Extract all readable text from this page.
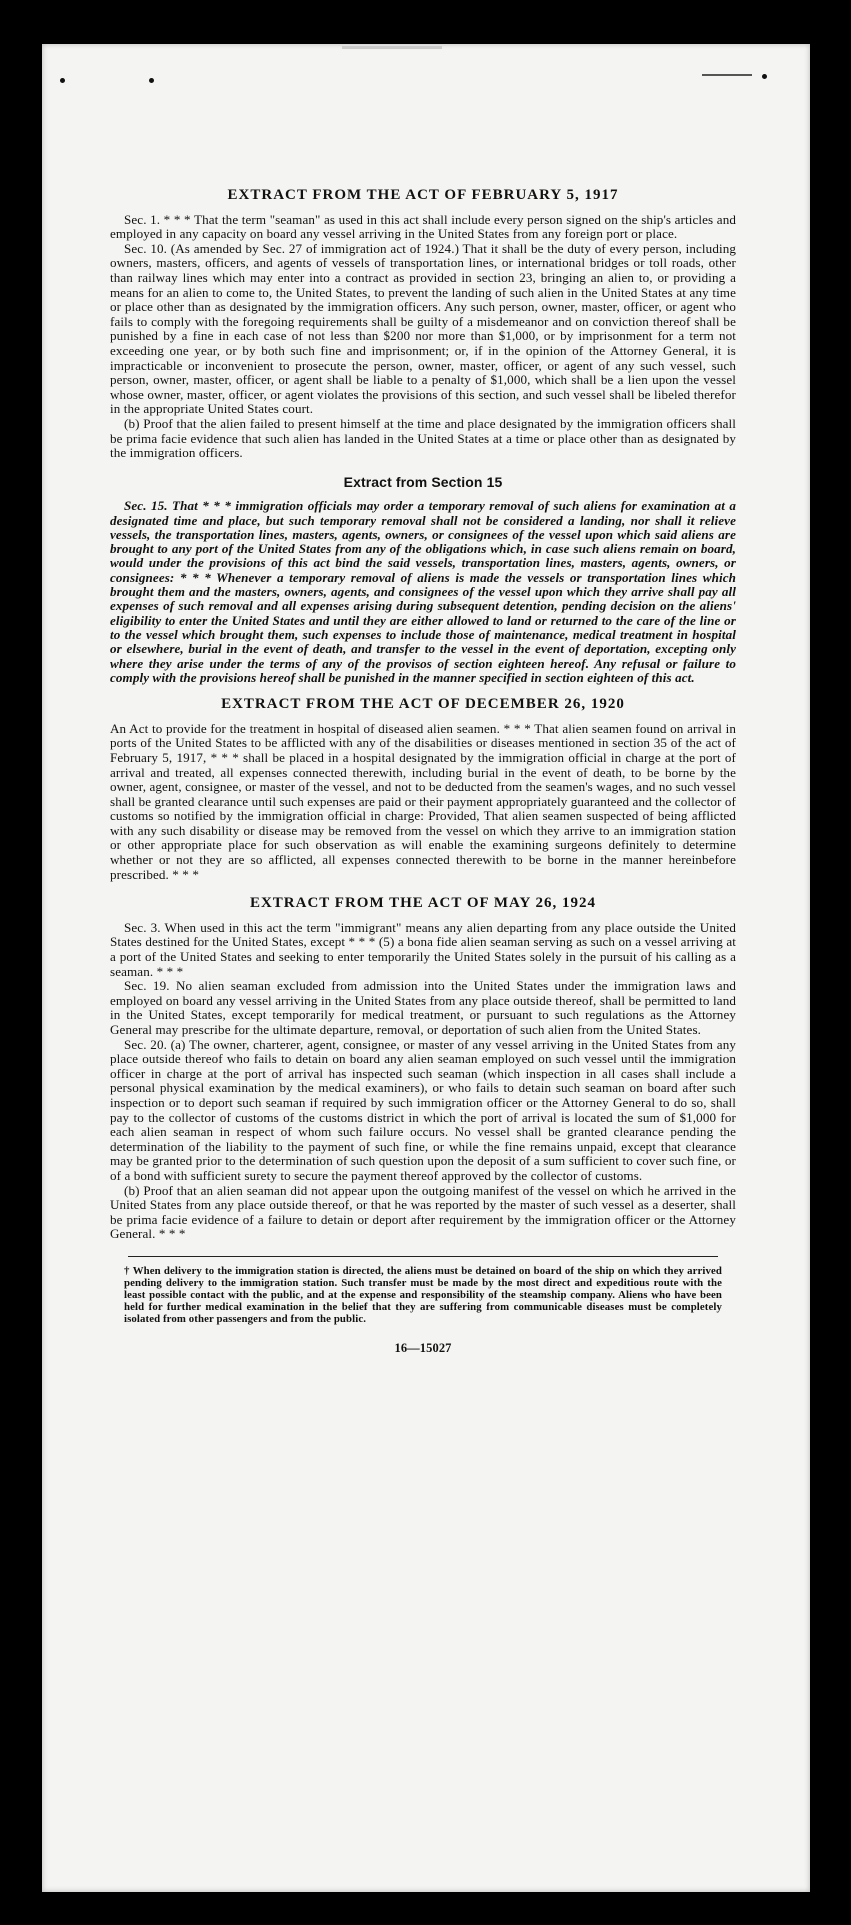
EXTRACT FROM THE ACT OF FEBRUARY 5, 1917

Sec. 1. * * * That the term "seaman" as used in this act shall include every person signed on the ship's articles and employed in any capacity on board any vessel arriving in the United States from any foreign port or place.

Sec. 10. (As amended by Sec. 27 of immigration act of 1924.) That it shall be the duty of every person, including owners, masters, officers, and agents of vessels of transportation lines, or international bridges or toll roads, other than railway lines which may enter into a contract as provided in section 23, bringing an alien to, or providing a means for an alien to come to, the United States, to prevent the landing of such alien in the United States at any time or place other than as designated by the immigration officers. Any such person, owner, master, officer, or agent who fails to comply with the foregoing requirements shall be guilty of a misdemeanor and on conviction thereof shall be punished by a fine in each case of not less than $200 nor more than $1,000, or by imprisonment for a term not exceeding one year, or by both such fine and imprisonment; or, if in the opinion of the Attorney General, it is impracticable or inconvenient to prosecute the person, owner, master, officer, or agent of any such vessel, such person, owner, master, officer, or agent shall be liable to a penalty of $1,000, which shall be a lien upon the vessel whose owner, master, officer, or agent violates the provisions of this section, and such vessel shall be libeled therefor in the appropriate United States court.

(b) Proof that the alien failed to present himself at the time and place designated by the immigration officers shall be prima facie evidence that such alien has landed in the United States at a time or place other than as designated by the immigration officers.

Extract from Section 15

Sec. 15. That * * * immigration officials may order a temporary removal of such aliens for examination at a designated time and place, but such temporary removal shall not be considered a landing, nor shall it relieve vessels, the transportation lines, masters, agents, owners, or consignees of the vessel upon which said aliens are brought to any port of the United States from any of the obligations which, in case such aliens remain on board, would under the provisions of this act bind the said vessels, transportation lines, masters, agents, owners, or consignees: * * * Whenever a temporary removal of aliens is made the vessels or transportation lines which brought them and the masters, owners, agents, and consignees of the vessel upon which they arrive shall pay all expenses of such removal and all expenses arising during subsequent detention, pending decision on the aliens' eligibility to enter the United States and until they are either allowed to land or returned to the care of the line or to the vessel which brought them, such expenses to include those of maintenance, medical treatment in hospital or elsewhere, burial in the event of death, and transfer to the vessel in the event of deportation, excepting only where they arise under the terms of any of the provisos of section eighteen hereof. Any refusal or failure to comply with the provisions hereof shall be punished in the manner specified in section eighteen of this act.

EXTRACT FROM THE ACT OF DECEMBER 26, 1920

An Act to provide for the treatment in hospital of diseased alien seamen. * * * That alien seamen found on arrival in ports of the United States to be afflicted with any of the disabilities or diseases mentioned in section 35 of the act of February 5, 1917, * * * shall be placed in a hospital designated by the immigration official in charge at the port of arrival and treated, all expenses connected therewith, including burial in the event of death, to be borne by the owner, agent, consignee, or master of the vessel, and not to be deducted from the seamen's wages, and no such vessel shall be granted clearance until such expenses are paid or their payment appropriately guaranteed and the collector of customs so notified by the immigration official in charge: Provided, That alien seamen suspected of being afflicted with any such disability or disease may be removed from the vessel on which they arrive to an immigration station or other appropriate place for such observation as will enable the examining surgeons definitely to determine whether or not they are so afflicted, all expenses connected therewith to be borne in the manner hereinbefore prescribed. * * *

EXTRACT FROM THE ACT OF MAY 26, 1924

Sec. 3. When used in this act the term "immigrant" means any alien departing from any place outside the United States destined for the United States, except * * * (5) a bona fide alien seaman serving as such on a vessel arriving at a port of the United States and seeking to enter temporarily the United States solely in the pursuit of his calling as a seaman. * * *

Sec. 19. No alien seaman excluded from admission into the United States under the immigration laws and employed on board any vessel arriving in the United States from any place outside thereof, shall be permitted to land in the United States, except temporarily for medical treatment, or pursuant to such regulations as the Attorney General may prescribe for the ultimate departure, removal, or deportation of such alien from the United States.

Sec. 20. (a) The owner, charterer, agent, consignee, or master of any vessel arriving in the United States from any place outside thereof who fails to detain on board any alien seaman employed on such vessel until the immigration officer in charge at the port of arrival has inspected such seaman (which inspection in all cases shall include a personal physical examination by the medical examiners), or who fails to detain such seaman on board after such inspection or to deport such seaman if required by such immigration officer or the Attorney General to do so, shall pay to the collector of customs of the customs district in which the port of arrival is located the sum of $1,000 for each alien seaman in respect of whom such failure occurs. No vessel shall be granted clearance pending the determination of the liability to the payment of such fine, or while the fine remains unpaid, except that clearance may be granted prior to the determination of such question upon the deposit of a sum sufficient to cover such fine, or of a bond with sufficient surety to secure the payment thereof approved by the collector of customs.

(b) Proof that an alien seaman did not appear upon the outgoing manifest of the vessel on which he arrived in the United States from any place outside thereof, or that he was reported by the master of such vessel as a deserter, shall be prima facie evidence of a failure to detain or deport after requirement by the immigration officer or the Attorney General. * * *

† When delivery to the immigration station is directed, the aliens must be detained on board of the ship on which they arrived pending delivery to the immigration station. Such transfer must be made by the most direct and expeditious route with the least possible contact with the public, and at the expense and responsibility of the steamship company. Aliens who have been held for further medical examination in the belief that they are suffering from communicable diseases must be completely isolated from other passengers and from the public.
16—15027
